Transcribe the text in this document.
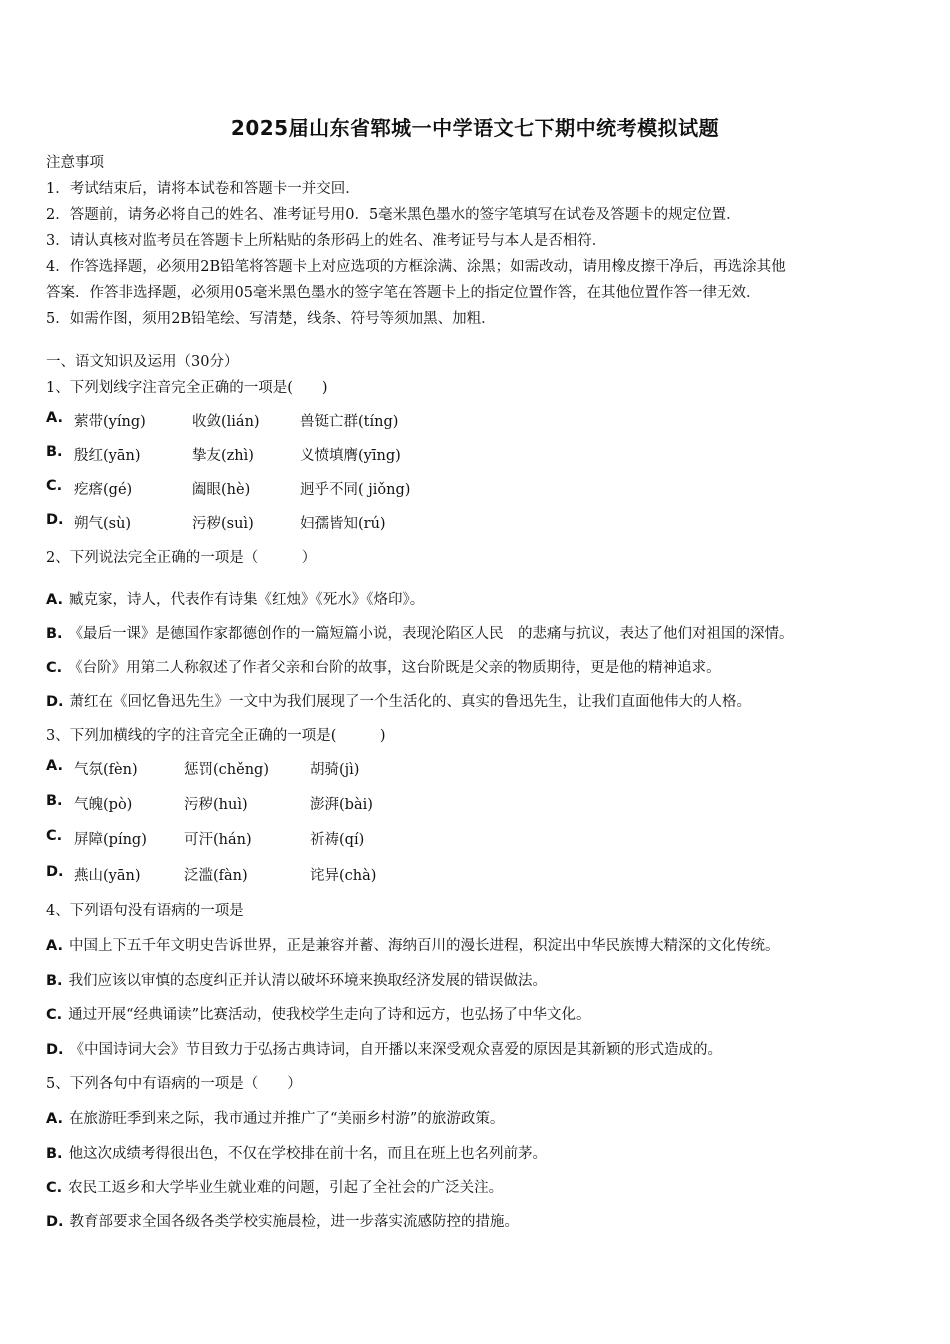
2025届山东省郓城一中学语文七下期中统考模拟试题
注意事项
1．考试结束后，请将本试卷和答题卡一并交回．
2．答题前，请务必将自己的姓名、准考证号用0．5毫米黑色墨水的签字笔填写在试卷及答题卡的规定位置．
3．请认真核对监考员在答题卡上所粘贴的条形码上的姓名、准考证号与本人是否相符．
4．作答选择题，必须用2B铅笔将答题卡上对应选项的方框涂满、涂黑；如需改动，请用橡皮擦干净后，再选涂其他
答案．作答非选择题，必须用05毫米黑色墨水的签字笔在答题卡上的指定位置作答，在其他位置作答一律无效．
5．如需作图，须用2B铅笔绘、写清楚，线条、符号等须加黑、加粗．
一、语文知识及运用（30分）
1、下列划线字注音完全正确的一项是(　　)
A. 萦带(yíng)	收敛(lián)	兽铤亡群(tíng)
B. 殷红(yān)	挚友(zhì)	义愤填膺(yīng)
C. 疙瘩(gé)	阖眼(hè)	迥乎不同( jiǒng)
D. 朔气(sù)	污秽(suì)	妇孺皆知(rú)
2、下列说法完全正确的一项是（　　　）
A. 臧克家，诗人，代表作有诗集《红烛》《死水》《烙印》。
B. 《最后一课》是德国作家都德创作的一篇短篇小说，表现沦陷区人民　的悲痛与抗议，表达了他们对祖国的深情。
C. 《台阶》用第二人称叙述了作者父亲和台阶的故事，这台阶既是父亲的物质期待，更是他的精神追求。
D. 萧红在《回忆鲁迅先生》一文中为我们展现了一个生活化的、真实的鲁迅先生，让我们直面他伟大的人格。
3、下列加横线的字的注音完全正确的一项是(　　　)
A. 气氛(fèn)	惩罚(chěng)	胡骑(jì)
B. 气魄(pò)	污秽(huì)	澎湃(bài)
C. 屏障(píng)	可汗(hán)	祈祷(qí)
D. 燕山(yān)	泛滥(fàn)	诧异(chà)
4、下列语句没有语病的一项是
A. 中国上下五千年文明史告诉世界，正是兼容并蓄、海纳百川的漫长进程，积淀出中华民族博大精深的文化传统。
B. 我们应该以审慎的态度纠正并认清以破坏环境来换取经济发展的错误做法。
C. 通过开展“经典诵读”比赛活动，使我校学生走向了诗和远方，也弘扬了中华文化。
D. 《中国诗词大会》节目致力于弘扬古典诗词，自开播以来深受观众喜爱的原因是其新颖的形式造成的。
5、下列各句中有语病的一项是（　　）
A. 在旅游旺季到来之际，我市通过并推广了“美丽乡村游”的旅游政策。
B. 他这次成绩考得很出色，不仅在学校排在前十名，而且在班上也名列前茅。
C. 农民工返乡和大学毕业生就业难的问题，引起了全社会的广泛关注。
D. 教育部要求全国各级各类学校实施晨检，进一步落实流感防控的措施。
